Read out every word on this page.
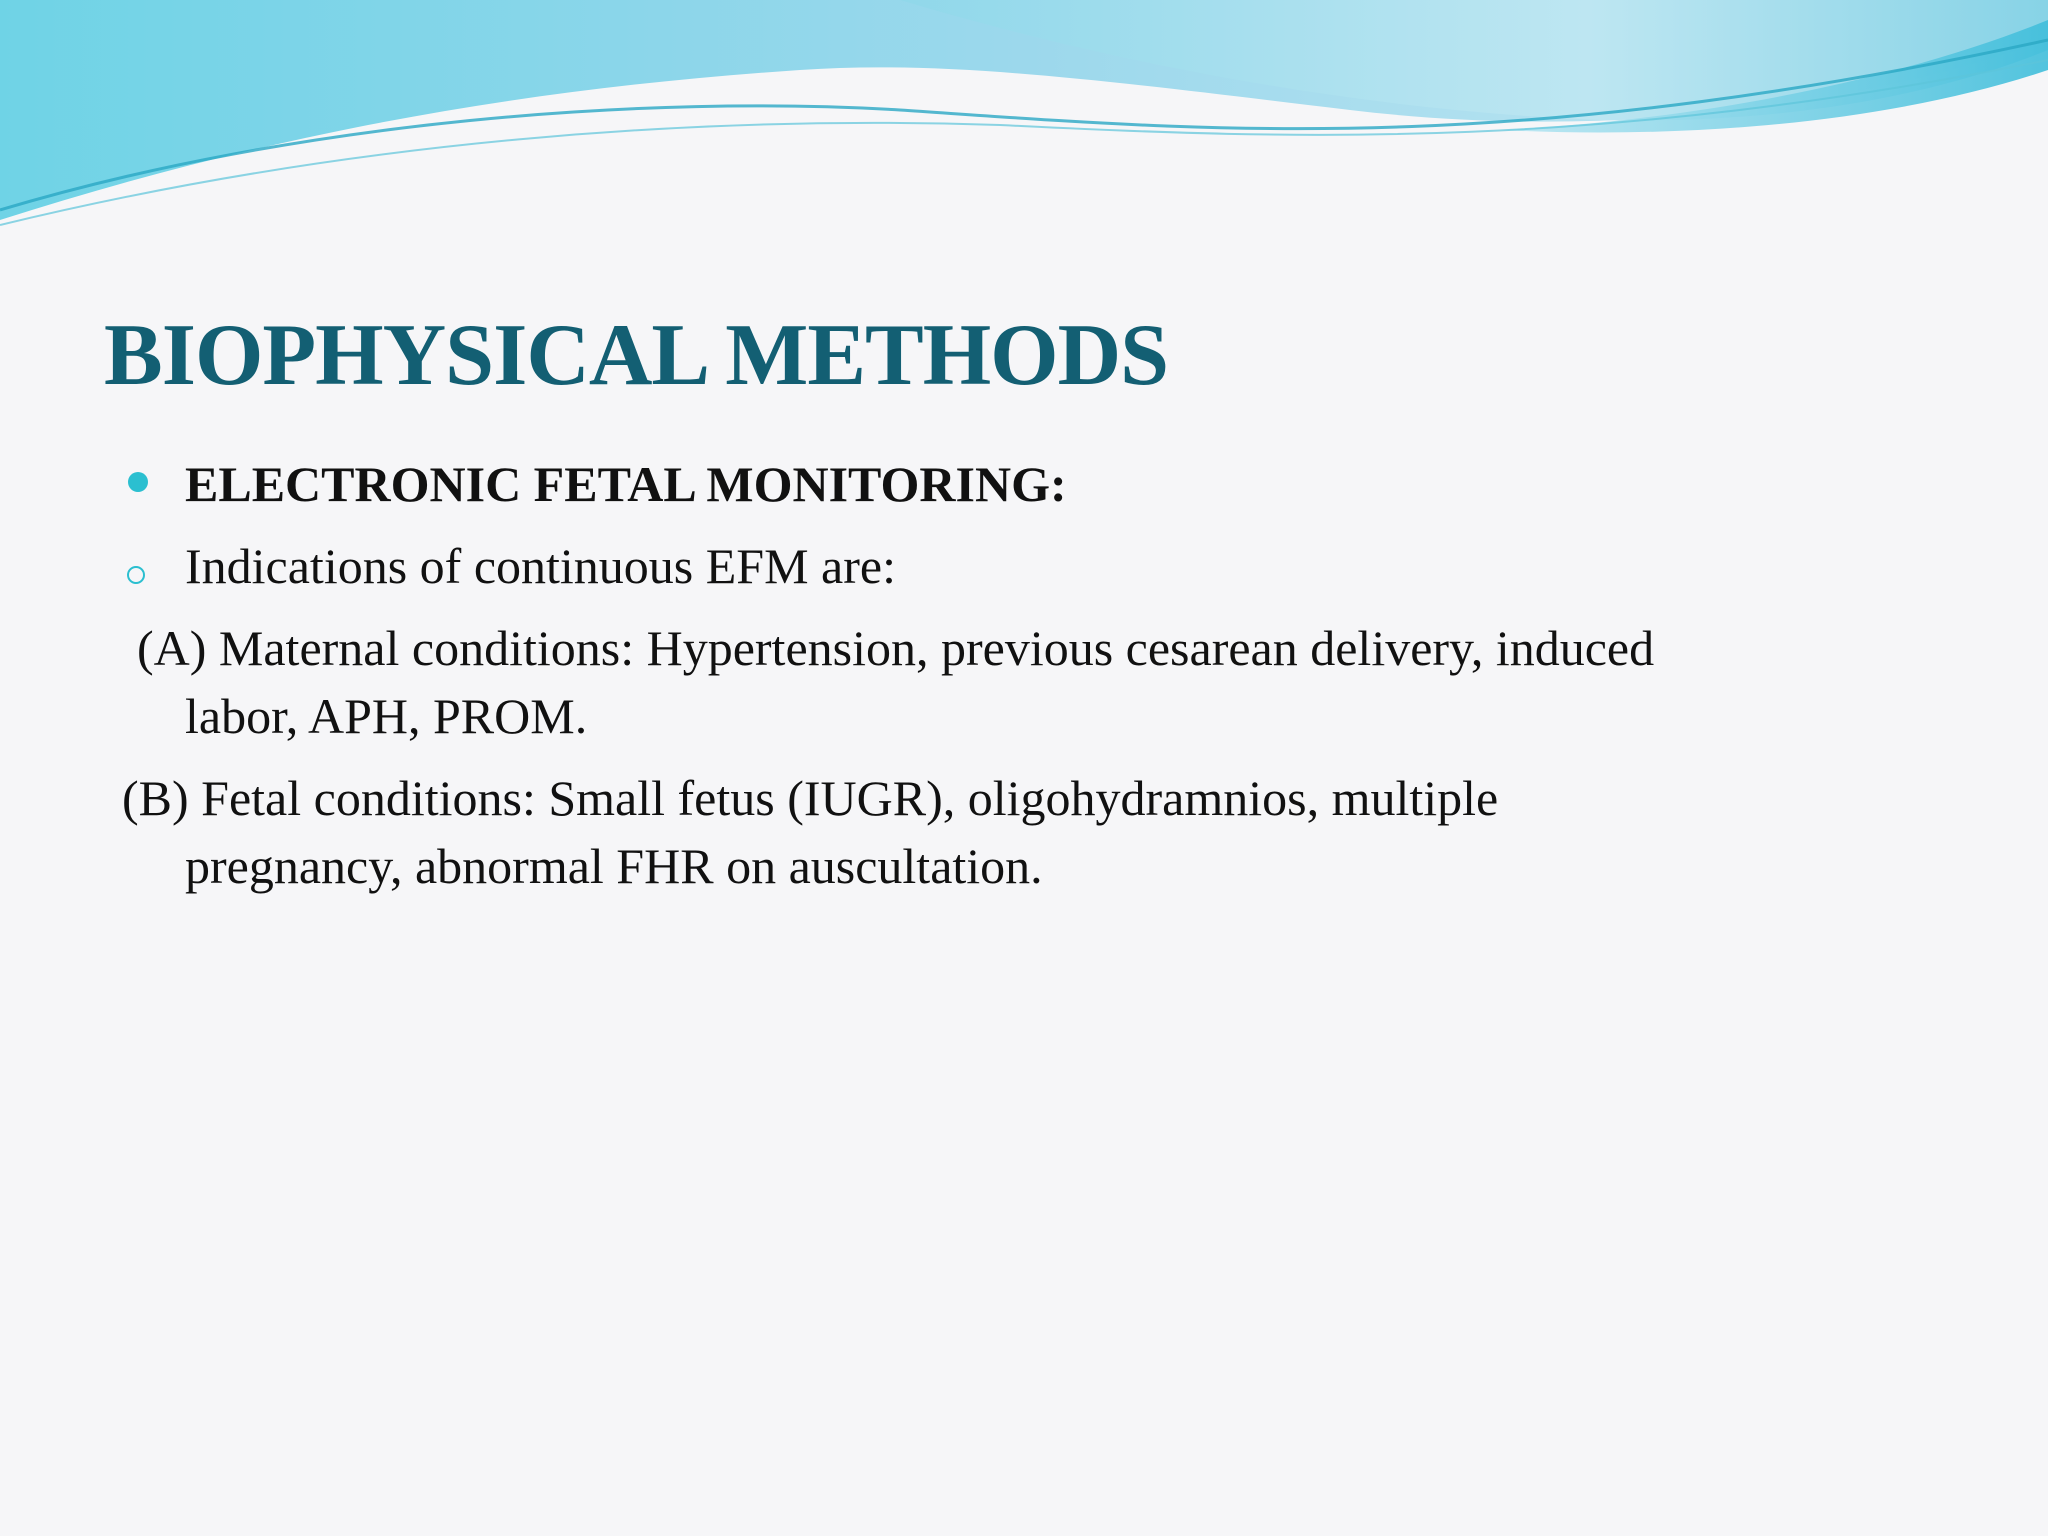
BIOPHYSICAL METHODS
ELECTRONIC FETAL MONITORING:
Indications of continuous EFM are:
(A) Maternal conditions: Hypertension, previous cesarean delivery, induced
labor, APH, PROM.
(B) Fetal conditions: Small fetus (IUGR), oligohydramnios, multiple
pregnancy, abnormal FHR on auscultation.
